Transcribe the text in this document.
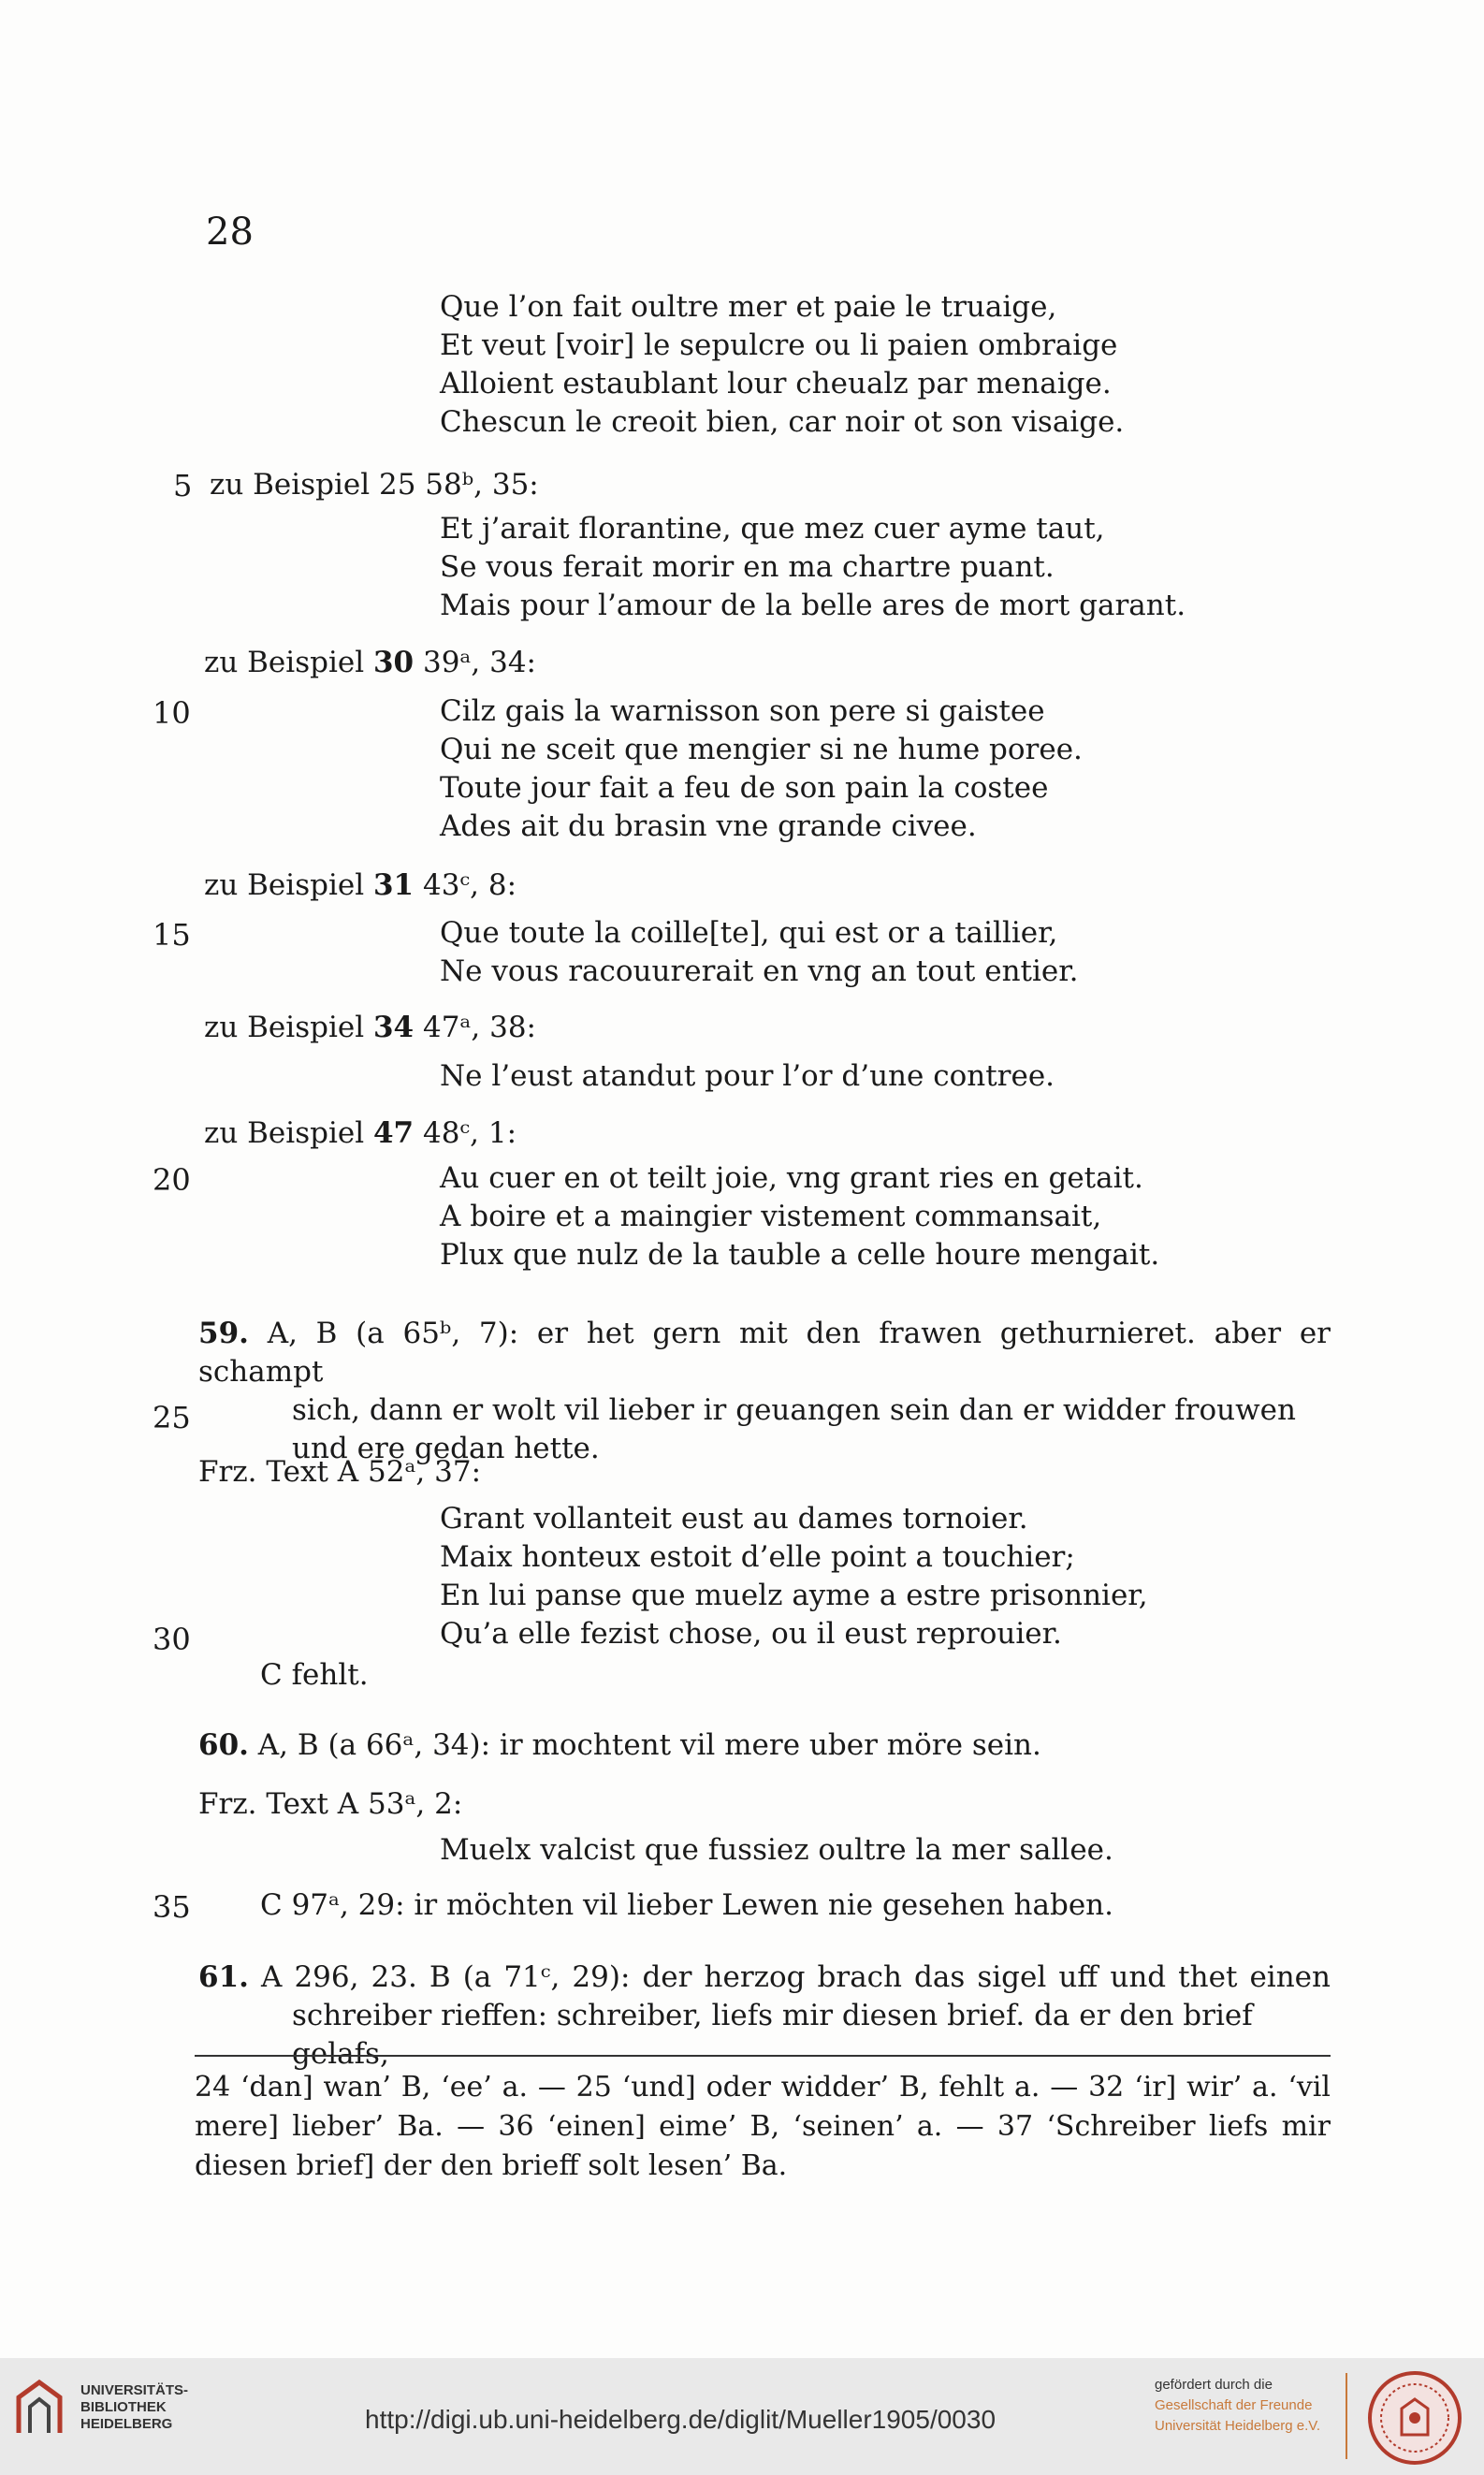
28
Que l’on fait oultre mer et paie le truaige,
Et veut [voir] le sepulcre ou li paien ombraige
Alloient estaublant lour cheualz par menaige.
Chescun le creoit bien, car noir ot son visaige.
5 zu Beispiel 25 58ᵇ, 35:
Et j’arait florantine, que mez cuer ayme taut,
Se vous ferait morir en ma chartre puant.
Mais pour l’amour de la belle ares de mort garant.
zu Beispiel 30 39ᵃ, 34:
10	Cilz gais la warnisson son pere si gaistee
Qui ne sceit que mengier si ne hume poree.
Toute jour fait a feu de son pain la costee
Ades ait du brasin vne grande civee.
zu Beispiel 31 43ᶜ, 8:
15	Que toute la coille[te], qui est or a taillier,
Ne vous racouurerait en vng an tout entier.
zu Beispiel 34 47ᵃ, 38:
Ne l’eust atandut pour l’or d’une contree.
zu Beispiel 47 48ᶜ, 1:
20	Au cuer en ot teilt joie, vng grant ries en getait.
A boire et a maingier vistement commansait,
Plux que nulz de la tauble a celle houre mengait.
59. A, B (a 65ᵇ, 7): er het gern mit den frawen gethurnieret. aber er schampt
sich, dann er wolt vil lieber ir geuangen sein dan er widder frouwen
und ere gedan hette.
25
Frz. Text A 52ᵃ, 37:
Grant vollanteit eust au dames tornoier.
Maix honteux estoit d’elle point a touchier;
En lui panse que muelz ayme a estre prisonnier,
Qu’a elle fezist chose, ou il eust reprouier.
30
C fehlt.
60. A, B (a 66ᵃ, 34): ir mochtent vil mere uber möre sein.
Frz. Text A 53ᵃ, 2:
Muelx valcist que fussiez oultre la mer sallee.
35 C 97ᵃ, 29: ir möchten vil lieber Lewen nie gesehen haben.
61. A 296, 23. B (a 71ᶜ, 29): der herzog brach das sigel uff und thet einen
schreiber rieffen: schreiber, liefs mir diesen brief. da er den brief gelafs,
24 ‘dan] wan’ B, ‘ee’ a. — 25 ‘und] oder widder’ B, fehlt a. — 32 ‘ir] wir’ a. ‘vil mere] lieber’ Ba. — 36 ‘einen] eime’ B, ‘seinen’ a. — 37 ‘Schreiber liefs mir diesen brief] der den brieff solt lesen’ Ba.
UNIVERSITÄTS-
BIBLIOTHEK
HEIDELBERG	http://digi.ub.uni-heidelberg.de/diglit/Mueller1905/0030
gefördert durch die
Gesellschaft der Freunde
Universität Heidelberg e.V.
